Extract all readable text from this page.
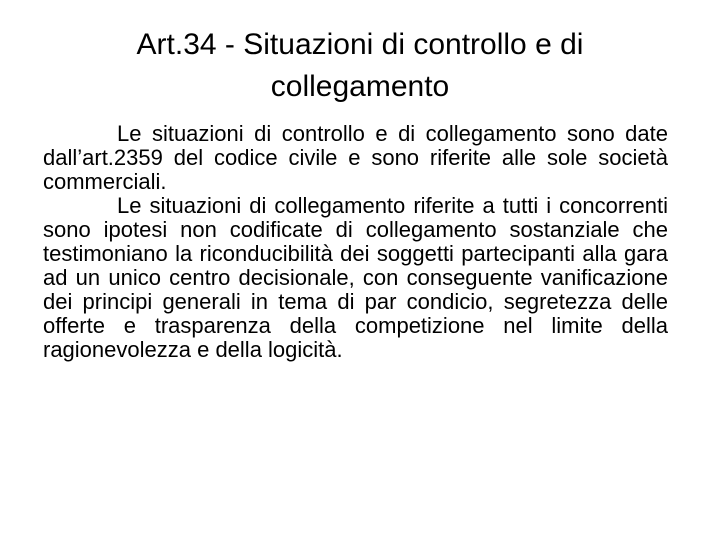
Art.34 - Situazioni di controllo e di collegamento

Le situazioni di controllo e di collegamento sono date dall’art.2359 del codice civile e sono riferite alle sole società commerciali.

Le situazioni di collegamento riferite a tutti i concorrenti sono ipotesi non codificate di collegamento sostanziale che testimoniano la riconducibilità dei soggetti partecipanti alla gara ad un unico centro decisionale, con conseguente vanificazione dei principi generali in tema di par condicio, segretezza delle offerte e trasparenza della competizione nel limite della ragionevolezza e della logicità.
